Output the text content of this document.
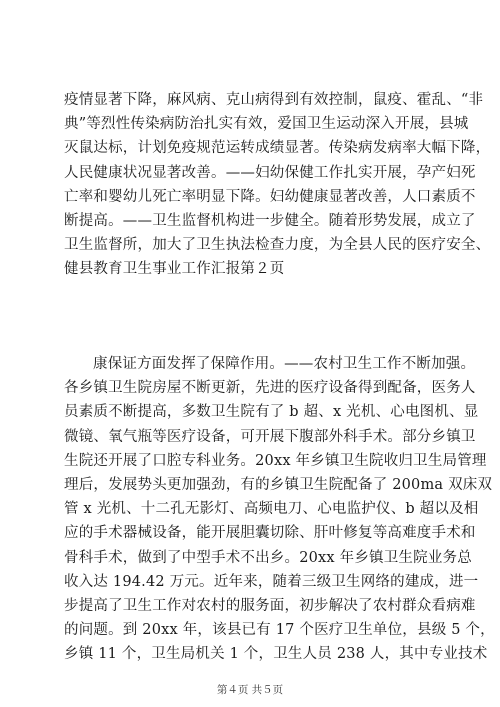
疫情显著下降，麻风病、克山病得到有效控制，鼠疫、霍乱、“非
典”等烈性传染病防治扎实有效，爱国卫生运动深入开展，县城
灭鼠达标，计划免疫规范运转成绩显著。传染病发病率大幅下降，
人民健康状况显著改善。——妇幼保健工作扎实开展，孕产妇死
亡率和婴幼儿死亡率明显下降。妇幼健康显著改善，人口素质不
断提高。——卫生监督机构进一步健全。随着形势发展，成立了
卫生监督所，加大了卫生执法检查力度，为全县人民的医疗安全、
健县教育卫生事业工作汇报第２页
康保证方面发挥了保障作用。——农村卫生工作不断加强。
各乡镇卫生院房屋不断更新，先进的医疗设备得到配备，医务人
员素质不断提高，多数卫生院有了 b 超、x 光机、心电图机、显
微镜、氧气瓶等医疗设备，可开展下腹部外科手术。部分乡镇卫
生院还开展了口腔专科业务。20xx 年乡镇卫生院收归卫生局管理
理后，发展势头更加强劲，有的乡镇卫生院配备了 200ma 双床双
管 x 光机、十二孔无影灯、高频电刀、心电监护仪、b 超以及相
应的手术器械设备，能开展胆囊切除、肝叶修复等高难度手术和
骨科手术，做到了中型手术不出乡。20xx 年乡镇卫生院业务总
收入达 194.42 万元。近年来，随着三级卫生网络的建成，进一
步提高了卫生工作对农村的服务面，初步解决了农村群众看病难
的问题。到 20xx 年，该县已有 17 个医疗卫生单位，县级 5 个，
乡镇 11 个，卫生局机关 1 个，卫生人员 238 人，其中专业技术
第４页 共５页
